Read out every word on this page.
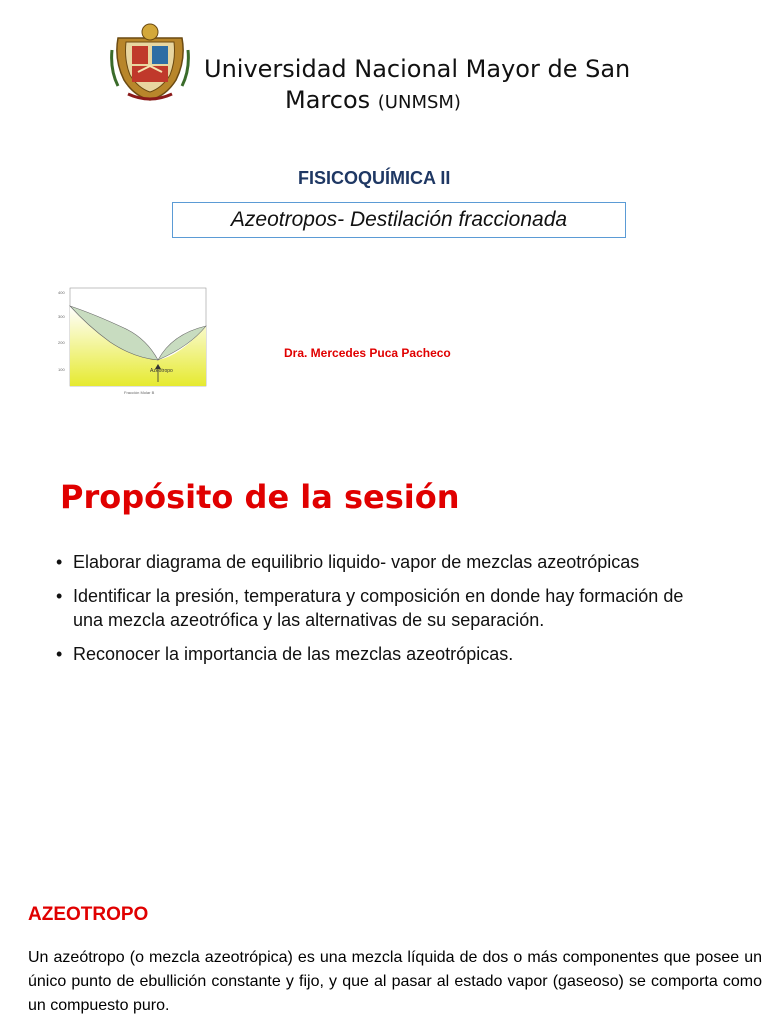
Universidad Nacional Mayor de San
Marcos (UNMSM)
FISICOQUÍMICA II
Azeotropos- Destilación fraccionada
Azeotropo
Fracción Molar B
400
300
200
100
Dra. Mercedes Puca Pacheco
Propósito de la sesión
• Elaborar diagrama de equilibrio liquido- vapor de mezclas azeotrópicas
• Identificar la presión, temperatura y composición en donde hay formación de una mezcla azeotrófica y las alternativas de su separación.
• Reconocer la importancia de las mezclas azeotrópicas.
AZEOTROPO

Un azeótropo (o mezcla azeotrópica) es una mezcla líquida de dos o más componentes que posee un único punto de ebullición constante y fijo, y que al pasar al estado vapor (gaseoso) se comporta como un compuesto puro.
